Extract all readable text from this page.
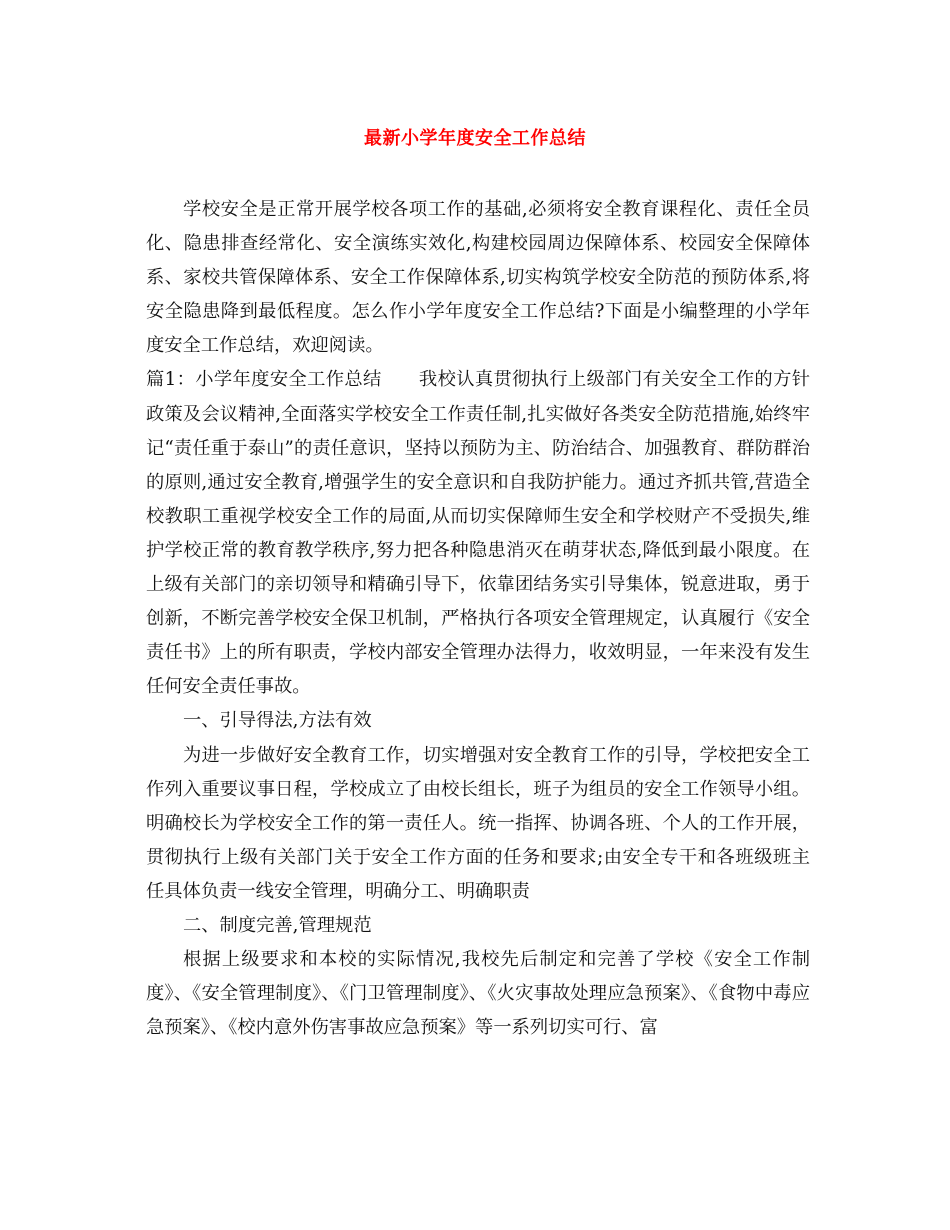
最新小学年度安全工作总结

学校安全是正常开展学校各项工作的基础,必须将安全教育课程化、责任全员化、隐患排查经常化、安全演练实效化,构建校园周边保障体系、校园安全保障体系、家校共管保障体系、安全工作保障体系,切实构筑学校安全防范的预防体系,将安全隐患降到最低程度。怎么作小学年度安全工作总结?下面是小编整理的小学年度安全工作总结，欢迎阅读。

篇1：小学年度安全工作总结　　我校认真贯彻执行上级部门有关安全工作的方针政策及会议精神,全面落实学校安全工作责任制,扎实做好各类安全防范措施,始终牢记“责任重于泰山”的责任意识，坚持以预防为主、防治结合、加强教育、群防群治的原则,通过安全教育,增强学生的安全意识和自我防护能力。通过齐抓共管,营造全校教职工重视学校安全工作的局面,从而切实保障师生安全和学校财产不受损失,维护学校正常的教育教学秩序,努力把各种隐患消灭在萌芽状态,降低到最小限度。在上级有关部门的亲切领导和精确引导下，依靠团结务实引导集体，锐意进取，勇于创新，不断完善学校安全保卫机制，严格执行各项安全管理规定，认真履行《安全责任书》上的所有职责，学校内部安全管理办法得力，收效明显，一年来没有发生任何安全责任事故。

一、引导得法,方法有效

为进一步做好安全教育工作，切实增强对安全教育工作的引导，学校把安全工作列入重要议事日程，学校成立了由校长组长，班子为组员的安全工作领导小组。明确校长为学校安全工作的第一责任人。统一指挥、协调各班、个人的工作开展，贯彻执行上级有关部门关于安全工作方面的任务和要求;由安全专干和各班级班主任具体负责一线安全管理，明确分工、明确职责

二、制度完善,管理规范

根据上级要求和本校的实际情况,我校先后制定和完善了学校《安全工作制度》、《安全管理制度》、《门卫管理制度》、《火灾事故处理应急预案》、《食物中毒应急预案》、《校内意外伤害事故应急预案》等一系列切实可行、富
